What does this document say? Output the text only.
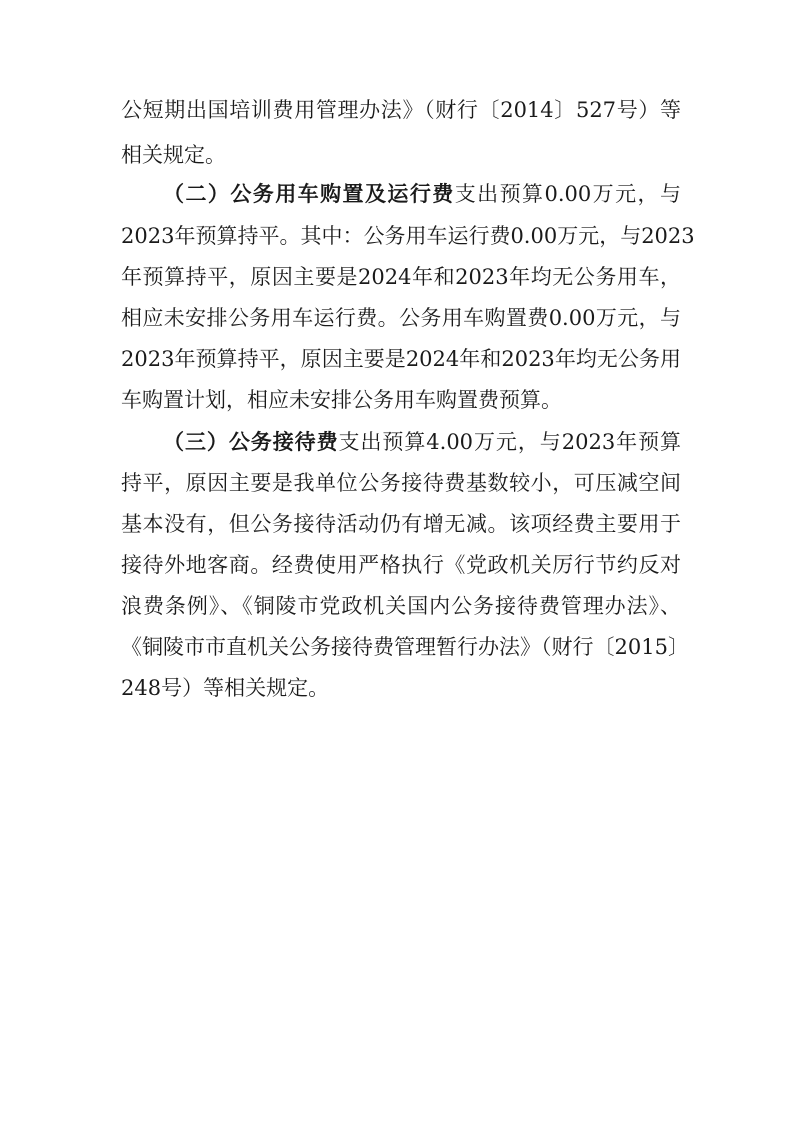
公短期出国培训费用管理办法》（财行〔2014〕527号）等
相关规定。
（二）公务用车购置及运行费支出预算0.00万元，与
2023年预算持平。其中：公务用车运行费0.00万元，与2023
年预算持平，原因主要是2024年和2023年均无公务用车，
相应未安排公务用车运行费。公务用车购置费0.00万元，与
2023年预算持平，原因主要是2024年和2023年均无公务用
车购置计划，相应未安排公务用车购置费预算。
（三）公务接待费支出预算4.00万元，与2023年预算
持平，原因主要是我单位公务接待费基数较小，可压减空间
基本没有，但公务接待活动仍有增无减。该项经费主要用于
接待外地客商。经费使用严格执行《党政机关厉行节约反对
浪费条例》、《铜陵市党政机关国内公务接待费管理办法》、
《铜陵市市直机关公务接待费管理暂行办法》（财行〔2015〕
248号）等相关规定。
